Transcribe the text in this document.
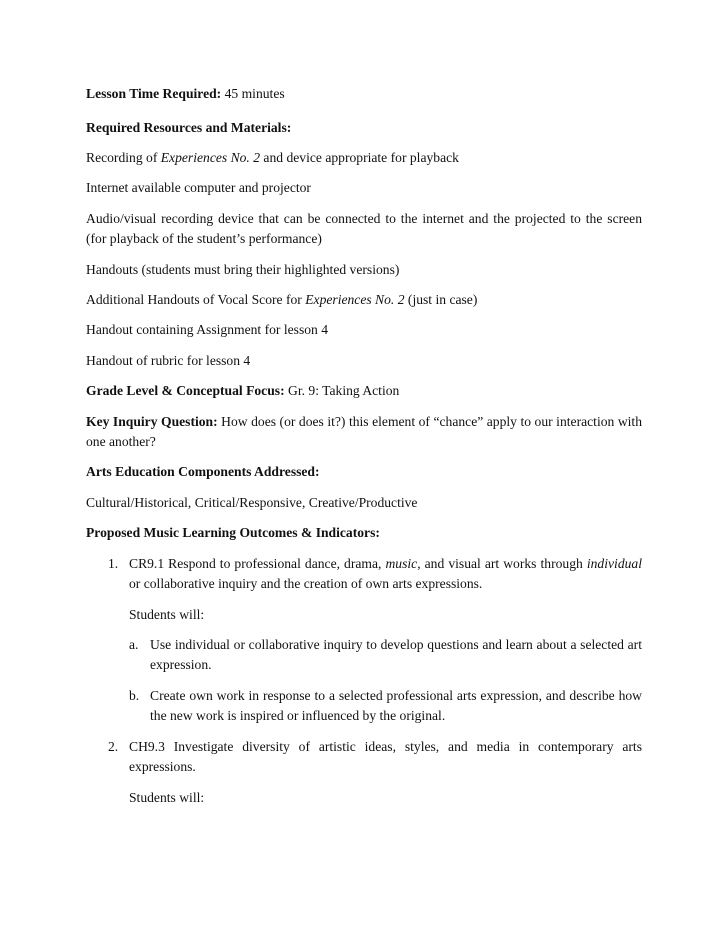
Lesson Time Required: 45 minutes

Required Resources and Materials:

Recording of Experiences No. 2 and device appropriate for playback

Internet available computer and projector

Audio/visual recording device that can be connected to the internet and the projected to the screen (for playback of the student’s performance)

Handouts (students must bring their highlighted versions)

Additional Handouts of Vocal Score for Experiences No. 2 (just in case)

Handout containing Assignment for lesson 4

Handout of rubric for lesson 4

Grade Level & Conceptual Focus: Gr. 9: Taking Action

Key Inquiry Question: How does (or does it?) this element of “chance” apply to our interaction with one another?

Arts Education Components Addressed:

Cultural/Historical, Critical/Responsive, Creative/Productive

Proposed Music Learning Outcomes & Indicators:

1. CR9.1 Respond to professional dance, drama, music, and visual art works through individual or collaborative inquiry and the creation of own arts expressions.

Students will:

a. Use individual or collaborative inquiry to develop questions and learn about a selected art expression.

b. Create own work in response to a selected professional arts expression, and describe how the new work is inspired or influenced by the original.

2. CH9.3 Investigate diversity of artistic ideas, styles, and media in contemporary arts expressions.

Students will:
